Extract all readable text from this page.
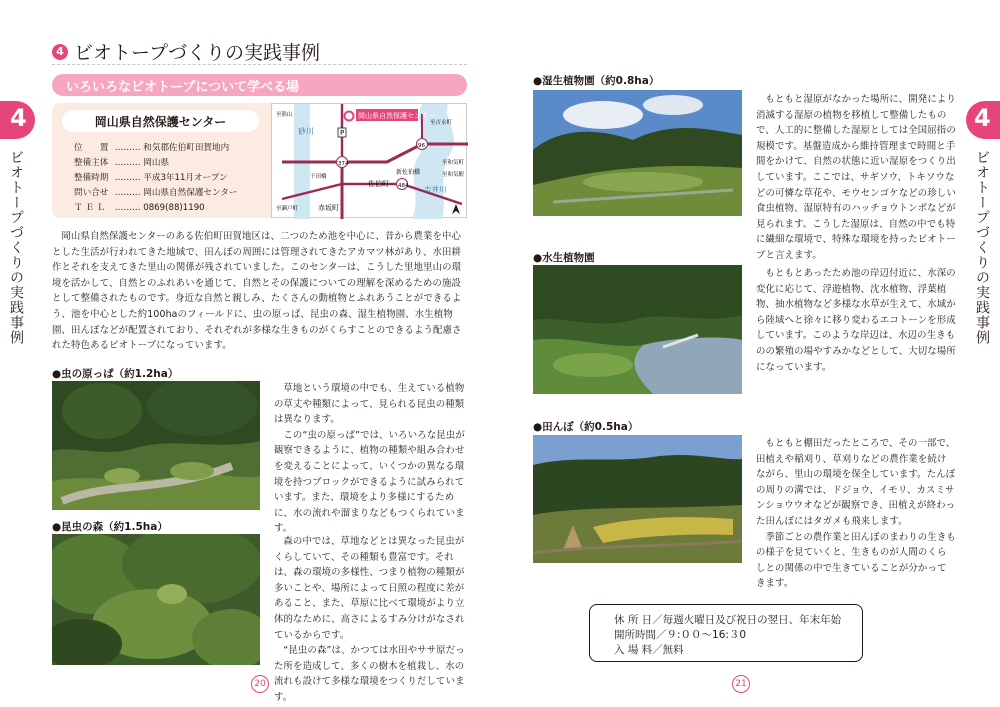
4
ビオトープづくりの実践事例
4 ビオトープづくりの実践事例
いろいろなビオトープについて学べる場
岡山県自然保護センター
位　　置 ……… 和気郡佐伯町田賀地内
整備主体 ……… 岡山県
整備時期 ……… 平成3年11月オープン
問い合せ ……… 岡山県自然保護センター
Ｔ Ｅ Ｌ ……… 0869(88)1190
岡山県自然保護センター
P
374
96
484
砂川
佐伯町
新佐伯橋
吉井川
千田橋
赤坂町
至熊山
至瀬戸町
至吉永町
至和気町
至和気駅

岡山県自然保護センターのある佐伯町田賀地区は、二つのため池を中心に、昔から農業を中心とした生活が行われてきた地域で、田んぼの周囲には管理されてきたアカマツ林があり、水田耕作とそれを支えてきた里山の関係が残されていました。このセンターは、こうした里地里山の環境を活かして、自然とのふれあいを通じて、自然とその保護についての理解を深めるための施設として整備されたものです。身近な自然と親しみ、たくさんの動植物とふれあうことができるよう、池を中心とした約100haのフィールドに、虫の原っぱ、昆虫の森、湿生植物園、水生植物園、田んぼなどが配置されており、それぞれが多様な生きものがくらすことのできるよう配慮された特色あるビオトープになっています。

●虫の原っぱ（約1.2ha）

草地という環境の中でも、生えている植物の草丈や種類によって、見られる昆虫の種類は異なります。

この“虫の原っぱ”では、いろいろな昆虫が観察できるように、植物の種類や組み合わせを変えることによって、いくつかの異なる環境を持つブロックができるように試みられています。また、環境をより多様にするために、水の流れや溜まりなどもつくられています。

●昆虫の森（約1.5ha）

森の中では、草地などとは異なった昆虫がくらしていて、その種類も豊富です。それは、森の環境の多様性、つまり植物の種類が多いことや、場所によって日照の程度に差があること、また、草原に比べて環境がより立体的なために、高さによるすみ分けがなされているからです。

“昆虫の森”は、かつては水田やササ原だった所を造成して、多くの樹木を植栽し、水の流れも設けて多様な環境をつくりだしています。

20
●湿生植物園（約0.8ha）

もともと湿原がなかった場所に、開発により消滅する湿原の植物を移植して整備したもので、人工的に整備した湿原としては全国屈指の規模です。基盤造成から維持管理まで時間と手間をかけて、自然の状態に近い湿原をつくり出しています。ここでは、サギソウ、トキソウなどの可憐な草花や、モウセンゴケなどの珍しい食虫植物、湿原特有のハッチョウトンボなどが見られます。こうした湿原は、自然の中でも特に繊細な環境で、特殊な環境を持ったビオトープと言えます。

●水生植物園

もともとあったため池の岸辺付近に、水深の変化に応じて、浮遊植物、沈水植物、浮葉植物、抽水植物など多様な水草が生えて、水域から陸域へと徐々に移り変わるエコトーンを形成しています。このような岸辺は、水辺の生きものの繁殖の場やすみかなどとして、大切な場所になっています。

●田んぼ（約0.5ha）

もともと棚田だったところで、その一部で、田植えや稲刈り、草刈りなどの農作業を続けながら、里山の環境を保全しています。たんぼの周りの溝では、ドジョウ、イモリ、カスミサンショウウオなどが観察でき、田植えが終わった田んぼにはタガメも飛来します。

季節ごとの農作業と田んぼのまわりの生きもの様子を見ていくと、生きものが人間のくらしとの関係の中で生きていることが分かってきます。

休 所 日／毎週火曜日及び祝日の翌日、年末年始
開所時間／９:００〜16:３0
入 場 料／無料
21
4
ビオトープづくりの実践事例
